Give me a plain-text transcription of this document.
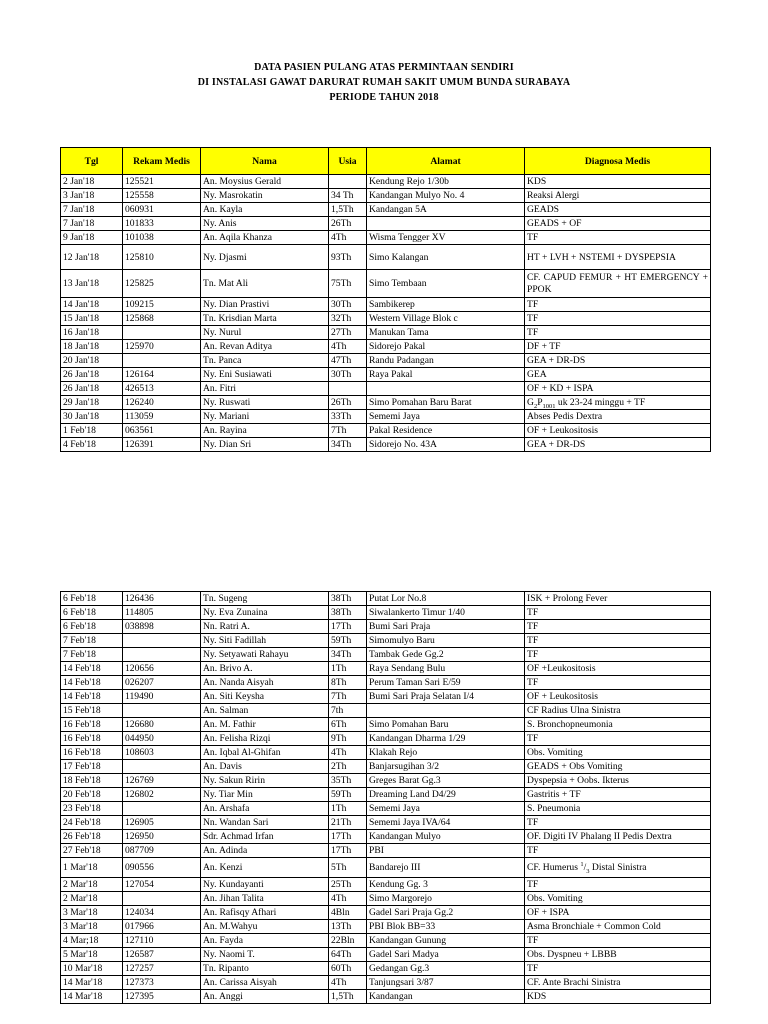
DATA PASIEN PULANG ATAS PERMINTAAN SENDIRI
DI INSTALASI GAWAT DARURAT RUMAH SAKIT UMUM BUNDA SURABAYA
PERIODE TAHUN 2018
Tgl	Rekam Medis	Nama	Usia	Alamat	Diagnosa Medis
2 Jan'18	125521	An. Moysius Gerald		Kendung Rejo 1/30b	KDS
3 Jan'18	125558	Ny. Masrokatin	34 Th	Kandangan Mulyo No. 4	Reaksi Alergi
7 Jan'18	060931	An. Kayla	1,5Th	Kandangan 5A	GEADS
7 Jan'18	101833	Ny. Anis	26Th		GEADS + OF
9 Jan'18	101038	An. Aqila Khanza	4Th	Wisma Tengger XV	TF
12 Jan'18	125810	Ny. Djasmi	93Th	Simo Kalangan	HT + LVH + NSTEMI + DYSPEPSIA
13 Jan'18	125825	Tn. Mat Ali	75Th	Simo Tembaan	CF. CAPUD FEMUR + HT EMERGENCY + PPOK
14 Jan'18	109215	Ny. Dian Prastivi	30Th	Sambikerep	TF
15 Jan'18	125868	Tn. Krisdian Marta	32Th	Western Village Blok c	TF
16 Jan'18		Ny. Nurul	27Th	Manukan Tama	TF
18 Jan'18	125970	An. Revan Aditya	4Th	Sidorejo Pakal	DF + TF
20 Jan'18		Tn. Panca	47Th	Randu Padangan	GEA + DR-DS
26 Jan'18	126164	Ny. Eni Susiawati	30Th	Raya Pakal	GEA
26 Jan'18	426513	An. Fitri			OF + KD + ISPA
29 Jan'18	126240	Ny. Ruswati	26Th	Simo Pomahan Baru Barat	$G_2P_{1001}$ uk 23-24 minggu + TF
30 Jan'18	113059	Ny. Mariani	33Th	Sememi Jaya	Abses Pedis Dextra
1 Feb'18	063561	An. Rayina	7Th	Pakal Residence	OF + Leukositosis
4 Feb'18	126391	Ny. Dian Sri	34Th	Sidorejo No. 43A	GEA + DR-DS
6 Feb'18	126436	Tn. Sugeng	38Th	Putat Lor No.8	ISK + Prolong Fever
6 Feb'18	114805	Ny. Eva Zunaina	38Th	Siwalankerto Timur 1/40	TF
6 Feb'18	038898	Nn. Ratri A.	17Th	Bumi Sari Praja	TF
7 Feb'18		Ny. Siti Fadillah	59Th	Simomulyo Baru	TF
7 Feb'18		Ny. Setyawati Rahayu	34Th	Tambak Gede Gg.2	TF
14 Feb'18	120656	An. Brivo A.	1Th	Raya Sendang Bulu	OF +Leukositosis
14 Feb'18	026207	An. Nanda Aisyah	8Th	Perum Taman Sari E/59	TF
14 Feb'18	119490	An. Siti Keysha	7Th	Bumi Sari Praja Selatan I/4	OF + Leukositosis
15 Feb'18		An. Salman	7th		CF Radius Ulna Sinistra
16 Feb'18	126680	An. M. Fathir	6Th	Simo Pomahan Baru	S. Bronchopneumonia
16 Feb'18	044950	An. Felisha Rizqi	9Th	Kandangan Dharma 1/29	TF
16 Feb'18	108603	An. Iqbal Al-Ghifan	4Th	Klakah Rejo	Obs. Vomiting
17 Feb'18		An. Davis	2Th	Banjarsugihan 3/2	GEADS + Obs Vomiting
18 Feb'18	126769	Ny. Sakun Ririn	35Th	Greges Barat Gg.3	Dyspepsia + Oobs. Ikterus
20 Feb'18	126802	Ny. Tiar Min	59Th	Dreaming Land D4/29	Gastritis + TF
23 Feb'18		An. Arshafa	1Th	Sememi Jaya	S. Pneumonia
24 Feb'18	126905	Nn. Wandan Sari	21Th	Sememi Jaya IVA/64	TF
26 Feb'18	126950	Sdr. Achmad Irfan	17Th	Kandangan Mulyo	OF. Digiti IV Phalang II Pedis Dextra
27 Feb'18	087709	An. Adinda	17Th	PBI	TF
1 Mar'18	090556	An. Kenzi	5Th	Bandarejo III	CF. Humerus $^1/_3$ Distal Sinistra
2 Mar'18	127054	Ny. Kundayanti	25Th	Kendung Gg. 3	TF
2 Mar'18		An. Jihan Talita	4Th	Simo Margorejo	Obs. Vomiting
3 Mar'18	124034	An. Rafisqy Afhari	4Bln	Gadel Sari Praja Gg.2	OF + ISPA
3 Mar'18	017966	An. M.Wahyu	13Th	PBI Blok BB=33	Asma Bronchiale + Common Cold
4 Mar;18	127110	An. Fayda	22Bln	Kandangan Gunung	TF
5 Mar'18	126587	Ny. Naomi T.	64Th	Gadel Sari Madya	Obs. Dyspneu + LBBB
10 Mar'18	127257	Tn. Ripanto	60Th	Gedangan Gg.3	TF
14 Mar'18	127373	An. Carissa Aisyah	4Th	Tanjungsari 3/87	CF. Ante Brachi Sinistra
14 Mar'18	127395	An. Anggi	1,5Th	Kandangan	KDS
